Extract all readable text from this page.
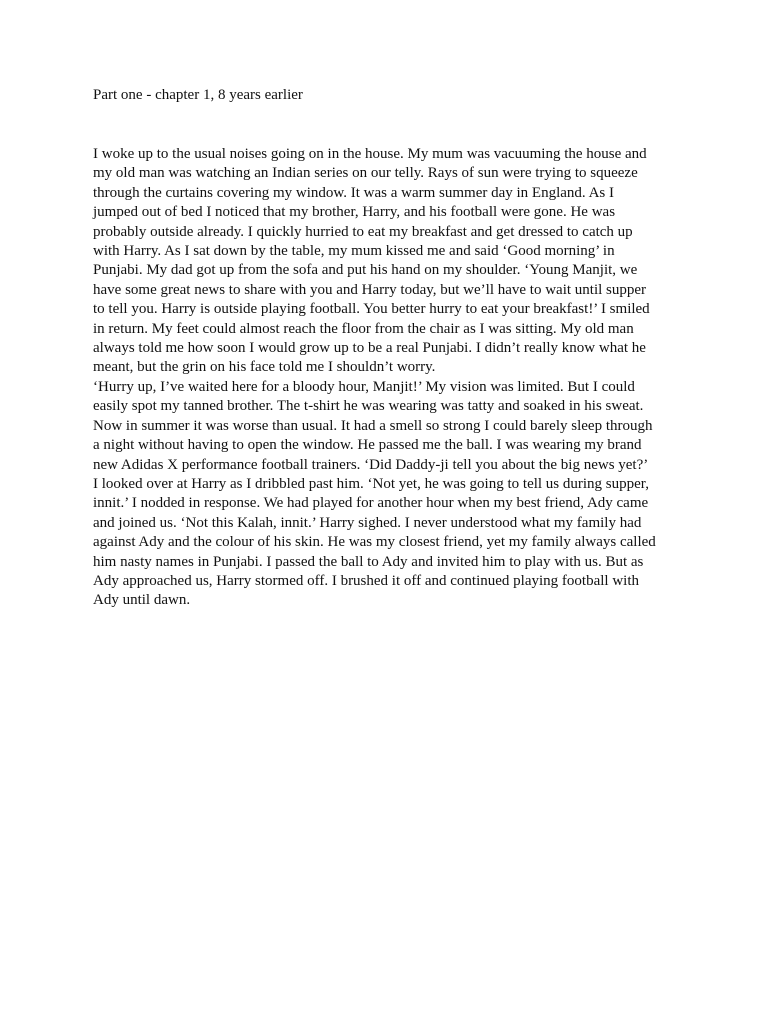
Part one - chapter 1, 8 years earlier

I woke up to the usual noises going on in the house. My mum was vacuuming the house and
my old man was watching an Indian series on our telly. Rays of sun were trying to squeeze
through the curtains covering my window. It was a warm summer day in England. As I
jumped out of bed I noticed that my brother, Harry, and his football were gone. He was
probably outside already. I quickly hurried to eat my breakfast and get dressed to catch up
with Harry. As I sat down by the table, my mum kissed me and said ‘Good morning’ in
Punjabi. My dad got up from the sofa and put his hand on my shoulder. ‘Young Manjit, we
have some great news to share with you and Harry today, but we’ll have to wait until supper
to tell you. Harry is outside playing football. You better hurry to eat your breakfast!’ I smiled
in return. My feet could almost reach the floor from the chair as I was sitting. My old man
always told me how soon I would grow up to be a real Punjabi. I didn’t really know what he
meant, but the grin on his face told me I shouldn’t worry.

‘Hurry up, I’ve waited here for a bloody hour, Manjit!’ My vision was limited. But I could
easily spot my tanned brother. The t-shirt he was wearing was tatty and soaked in his sweat.
Now in summer it was worse than usual. It had a smell so strong I could barely sleep through
a night without having to open the window. He passed me the ball. I was wearing my brand
new Adidas X performance football trainers. ‘Did Daddy-ji tell you about the big news yet?’
I looked over at Harry as I dribbled past him. ‘Not yet, he was going to tell us during supper,
innit.’ I nodded in response. We had played for another hour when my best friend, Ady came
and joined us. ‘Not this Kalah, innit.’ Harry sighed. I never understood what my family had
against Ady and the colour of his skin. He was my closest friend, yet my family always called
him nasty names in Punjabi. I passed the ball to Ady and invited him to play with us. But as
Ady approached us, Harry stormed off. I brushed it off and continued playing football with
Ady until dawn.
